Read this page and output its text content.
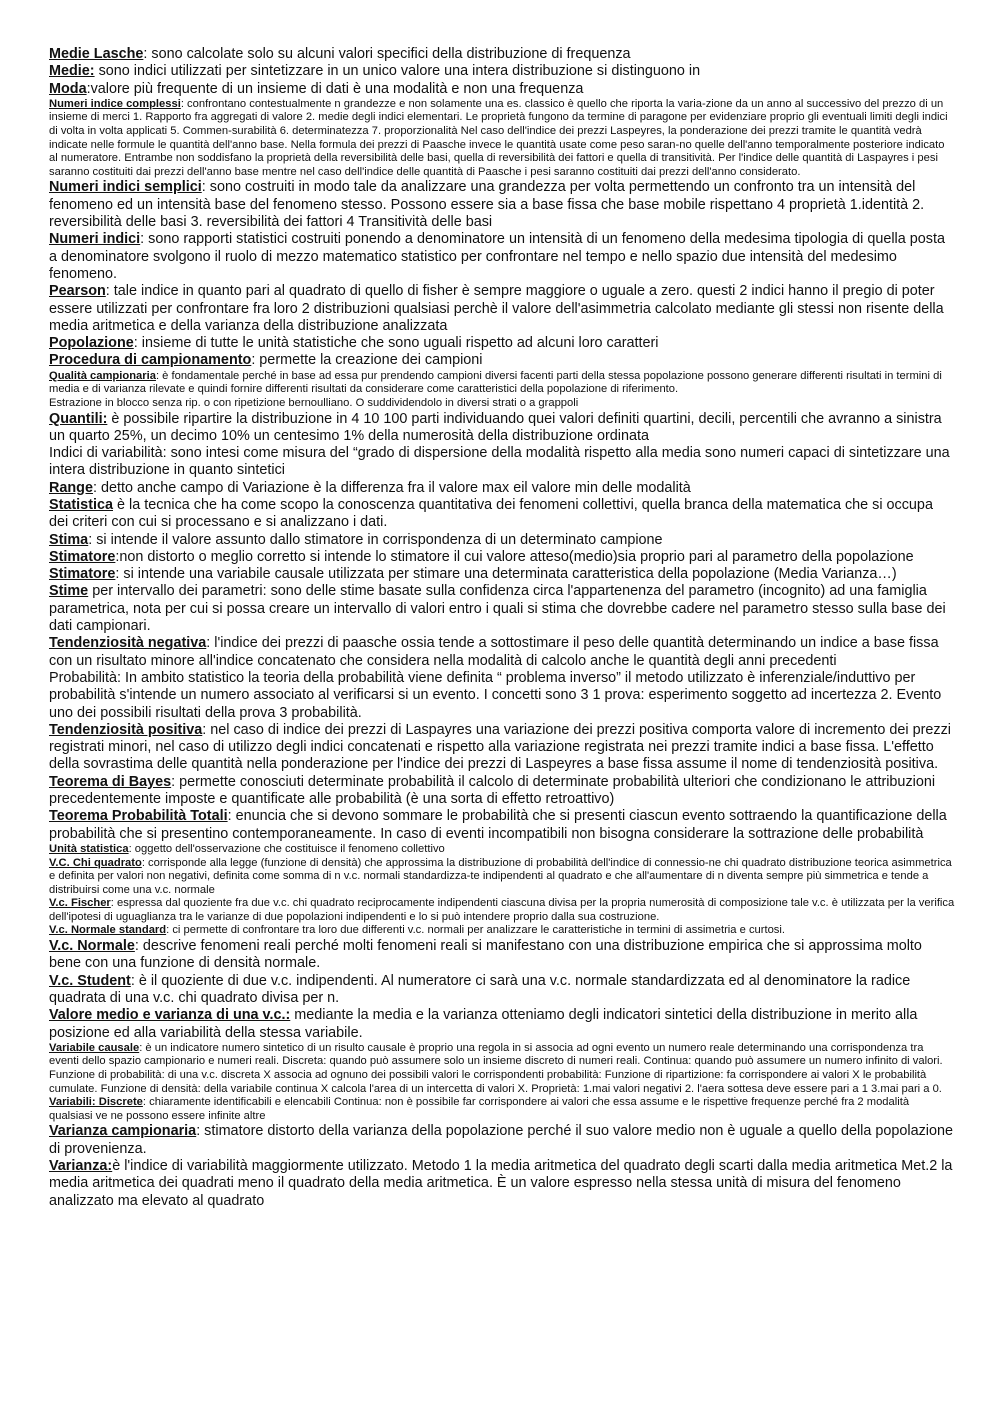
Medie Lasche: sono calcolate solo su alcuni valori specifici della distribuzione di frequenza

Medie: sono indici utilizzati per sintetizzare in un unico valore una intera distribuzione si distinguono in

Moda:valore più frequente di un insieme di dati è una modalità e non una frequenza

Numeri indice complessi: confrontano contestualmente n grandezze e non solamente una es. classico è quello che riporta la varia-zione da un anno al successivo del prezzo di un insieme di merci 1. Rapporto fra aggregati di valore 2. medie degli indici elementari. Le proprietà fungono da termine di paragone per evidenziare proprio gli eventuali limiti degli indici di volta in volta applicati 5. Commen-surabilità 6. determinatezza 7. proporzionalità Nel caso dell'indice dei prezzi Laspeyres, la ponderazione dei prezzi tramite le quantità vedrà indicate nelle formule le quantità dell'anno base. Nella formula dei prezzi di Paasche invece le quantità usate come peso saran-no quelle dell'anno temporalmente posteriore indicato al numeratore. Entrambe non soddisfano la proprietà della reversibilità delle basi, quella di reversibilità dei fattori e quella di transitività. Per l'indice delle quantità di Laspayres i pesi saranno costituiti dai prezzi dell'anno base mentre nel caso dell'indice delle quantità di Paasche i pesi saranno costituiti dai prezzi dell'anno considerato.

Numeri indici semplici: sono costruiti in modo tale da analizzare una grandezza per volta permettendo un confronto tra un intensità del fenomeno ed un intensità base del fenomeno stesso. Possono essere sia a base fissa che base mobile rispettano 4 proprietà 1.identità 2. reversibilità delle basi 3. reversibilità dei fattori 4 Transitività delle basi

Numeri indici: sono rapporti statistici costruiti ponendo a denominatore un intensità di un fenomeno della medesima tipologia di quella posta a denominatore svolgono il ruolo di mezzo matematico statistico per confrontare nel tempo e nello spazio due intensità del medesimo fenomeno.

Pearson: tale indice in quanto pari al quadrato di quello di fisher è sempre maggiore o uguale a zero. questi 2 indici hanno il pregio di poter essere utilizzati per confrontare fra loro 2 distribuzioni qualsiasi perchè il valore dell'asimmetria calcolato mediante gli stessi non risente della media aritmetica e della varianza della distribuzione analizzata

Popolazione: insieme di tutte le unità statistiche che sono uguali rispetto ad alcuni loro caratteri

Procedura di campionamento: permette la creazione dei campioni

Qualità campionaria: è fondamentale perché in base ad essa pur prendendo campioni diversi facenti parti della stessa popolazione possono generare differenti risultati in termini di media e di varianza rilevate e quindi fornire differenti risultati da considerare come caratteristici della popolazione di riferimento.

Estrazione in blocco senza rip. o con ripetizione bernoulliano. O suddividendolo in diversi strati o a grappoli

Quantili: è possibile ripartire la distribuzione in 4 10 100 parti individuando quei valori definiti quartini, decili, percentili che avranno a sinistra un quarto 25%, un decimo 10% un centesimo 1% della numerosità della distribuzione ordinata

Indici di variabilità: sono intesi come misura del “grado di dispersione della modalità rispetto alla media sono numeri capaci di sintetizzare una intera distribuzione in quanto sintetici

Range: detto anche campo di Variazione è la differenza fra il valore max eil valore min delle modalità

Statistica è la tecnica che ha come scopo la conoscenza quantitativa dei fenomeni collettivi, quella branca della matematica che si occupa dei criteri con cui si processano e si analizzano i dati.

Stima: si intende il valore assunto dallo stimatore in corrispondenza di un determinato campione

Stimatore:non distorto o meglio corretto si intende lo stimatore il cui valore atteso(medio)sia proprio pari al parametro della popolazione

Stimatore: si intende una variabile causale utilizzata per stimare una determinata caratteristica della popolazione (Media Varianza…)

Stime per intervallo dei parametri: sono delle stime basate sulla confidenza circa l'appartenenza del parametro (incognito) ad una famiglia parametrica, nota per cui si possa creare un intervallo di valori entro i quali si stima che dovrebbe cadere nel parametro stesso sulla base dei dati campionari.

Tendenziosità negativa: l'indice dei prezzi di paasche ossia tende a sottostimare il peso delle quantità determinando un indice a base fissa con un risultato minore all'indice concatenato che considera nella modalità di calcolo anche le quantità degli anni precedenti

Probabilità: In ambito statistico la teoria della probabilità viene definita “ problema inverso” il metodo utilizzato è inferenziale/induttivo per probabilità s'intende un numero associato al verificarsi si un evento. I concetti sono 3 1 prova: esperimento soggetto ad incertezza 2. Evento uno dei possibili risultati della prova 3 probabilità.

Tendenziosità positiva: nel caso di indice dei prezzi di Laspayres una variazione dei prezzi positiva comporta valore di incremento dei prezzi registrati minori, nel caso di utilizzo degli indici concatenati e rispetto alla variazione registrata nei prezzi tramite indici a base fissa. L'effetto della sovrastima delle quantità nella ponderazione per l'indice dei prezzi di Laspeyres a base fissa assume il nome di tendenziosità positiva.

Teorema di Bayes: permette conosciuti determinate probabilità il calcolo di determinate probabilità ulteriori che condizionano le attribuzioni precedentemente imposte e quantificate alle probabilità (è una sorta di effetto retroattivo)

Teorema Probabilità Totali: enuncia che si devono sommare le probabilità che si presenti ciascun evento sottraendo la quantificazione della probabilità che si presentino contemporaneamente. In caso di eventi incompatibili non bisogna considerare la sottrazione delle probabilità

Unità statistica: oggetto dell'osservazione che costituisce il fenomeno collettivo

V.C. Chi quadrato: corrisponde alla legge (funzione di densità) che approssima la distribuzione di probabilità dell'indice di connessio-ne chi quadrato distribuzione teorica asimmetrica e definita per valori non negativi, definita come somma di n v.c. normali standardizza-te indipendenti al quadrato e che all'aumentare di n diventa sempre più simmetrica e tende a distribuirsi come una v.c. normale

V.c. Fischer: espressa dal quoziente fra due v.c. chi quadrato reciprocamente indipendenti ciascuna divisa per la propria numerosità di composizione tale v.c. è utilizzata per la verifica dell'ipotesi di uguaglianza tra le varianze di due popolazioni indipendenti e lo si può intendere proprio dalla sua costruzione.

V.c. Normale standard: ci permette di confrontare tra loro due differenti v.c. normali per analizzare le caratteristiche in termini di assimetria e curtosi.

V.c. Normale: descrive fenomeni reali perché molti fenomeni reali si manifestano con una distribuzione empirica che si approssima molto bene con una funzione di densità normale.

V.c. Student: è il quoziente di due v.c. indipendenti. Al numeratore ci sarà una v.c. normale standardizzata ed al denominatore la radice quadrata di una v.c. chi quadrato divisa per n.

Valore medio e varianza di una v.c.: mediante la media e la varianza otteniamo degli indicatori sintetici della distribuzione in merito alla posizione ed alla variabilità della stessa variabile.

Variabile causale: è un indicatore numero sintetico di un risulto causale è proprio una regola in si associa ad ogni evento un numero reale determinando una corrispondenza tra eventi dello spazio campionario e numeri reali. Discreta: quando può assumere solo un insieme discreto di numeri reali. Continua: quando può assumere un numero infinito di valori. Funzione di probabilità: di una v.c. discreta X associa ad ognuno dei possibili valori le corrispondenti probabilità: Funzione di ripartizione: fa corrispondere ai valori X le probabilità cumulate. Funzione di densità: della variabile continua X calcola l'area di un intercetta di valori X. Proprietà: 1.mai valori negativi 2. l'aera sottesa deve essere pari a 1 3.mai pari a 0.

Variabili: Discrete: chiaramente identificabili e elencabili Continua: non è possibile far corrispondere ai valori che essa assume e le rispettive frequenze perché fra 2 modalità qualsiasi ve ne possono essere infinite altre

Varianza campionaria: stimatore distorto della varianza della popolazione perché il suo valore medio non è uguale a quello della popolazione di provenienza.

Varianza:è l'indice di variabilità maggiormente utilizzato. Metodo 1 la media aritmetica del quadrato degli scarti dalla media aritmetica Met.2 la media aritmetica dei quadrati meno il quadrato della media aritmetica. È un valore espresso nella stessa unità di misura del fenomeno analizzato ma elevato al quadrato
